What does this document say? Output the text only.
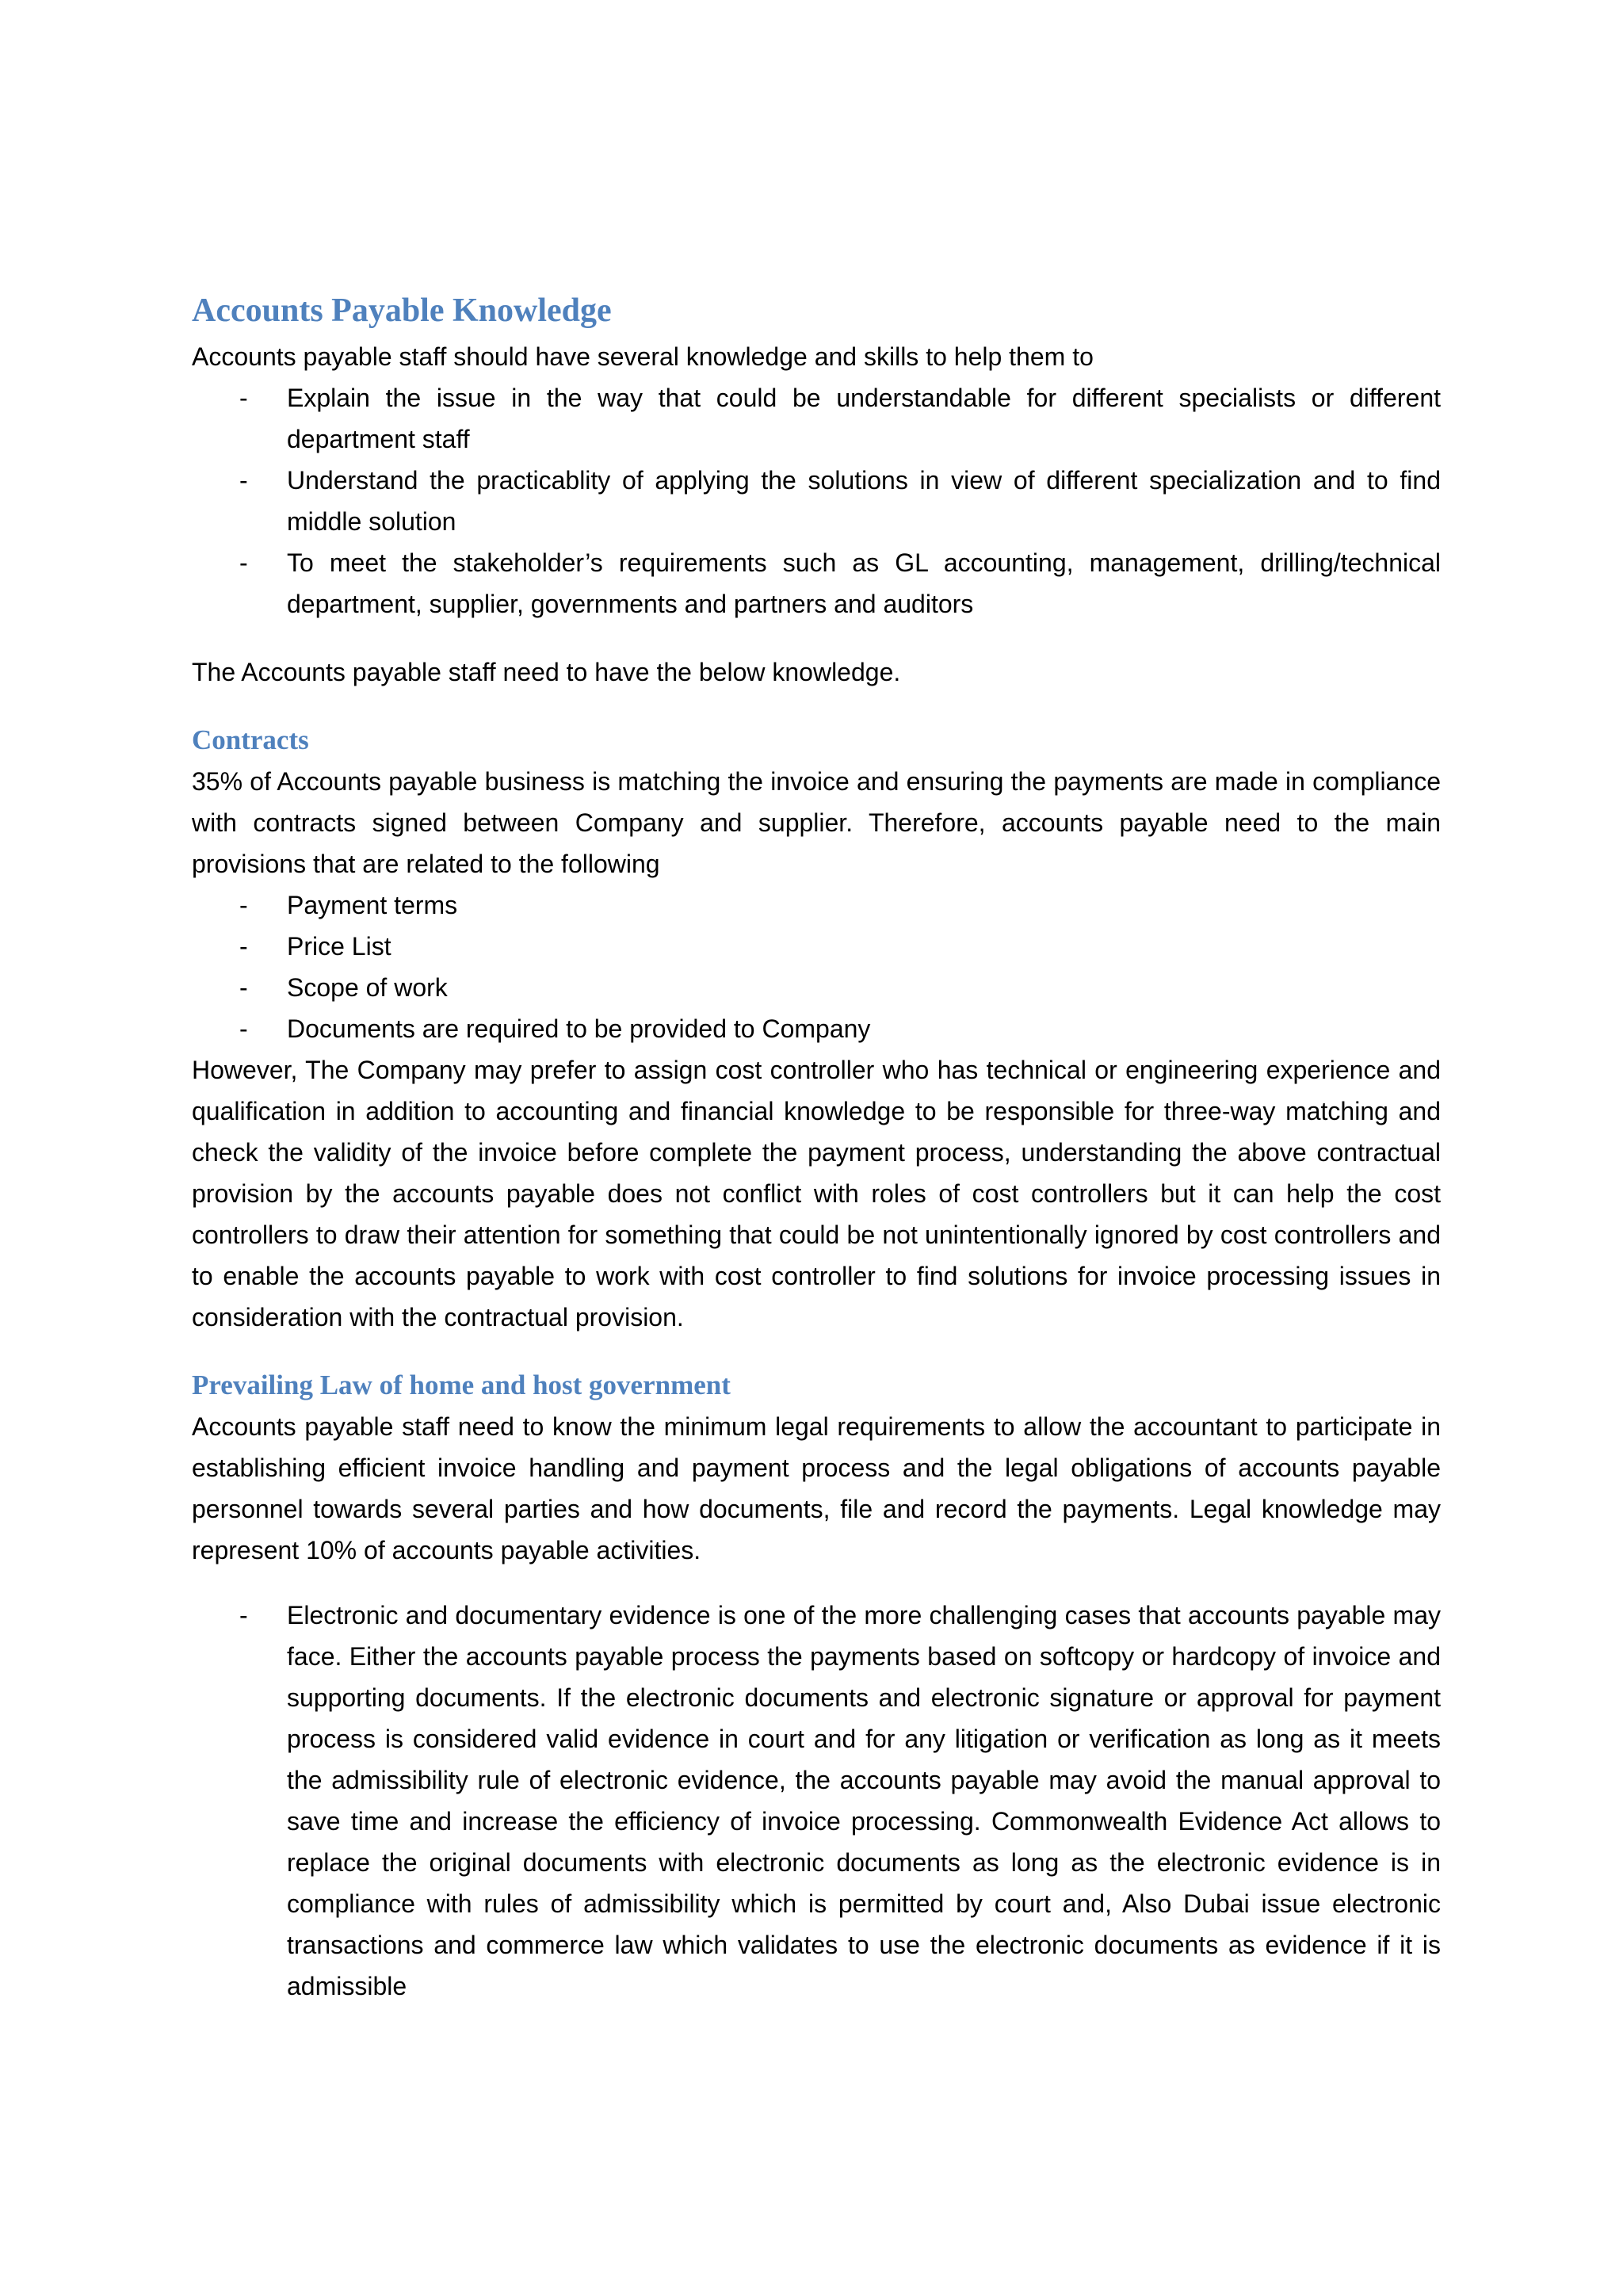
Accounts Payable Knowledge

Accounts payable staff should have several knowledge and skills to help them to

- Explain the issue in the way that could be understandable for different specialists or different department staff
- Understand the practicablity of applying the solutions in view of different specialization and to find middle solution
- To meet the stakeholder’s requirements such as GL accounting, management, drilling/technical department, supplier, governments and partners and auditors

The Accounts payable staff need to have the below knowledge.

Contracts

35% of Accounts payable business is matching the invoice and ensuring the payments are made in compliance with contracts signed between Company and supplier. Therefore, accounts payable need to the main provisions that are related to the following

- Payment terms
- Price List
- Scope of work
- Documents are required to be provided to Company

However, The Company may prefer to assign cost controller who has technical or engineering experience and qualification in addition to accounting and financial knowledge to be responsible for three-way matching and check the validity of the invoice before complete the payment process, understanding the above contractual provision by the accounts payable does not conflict with roles of cost controllers but it can help the cost controllers to draw their attention for something that could be not unintentionally ignored by cost controllers and to enable the accounts payable to work with cost controller to find solutions for invoice processing issues in consideration with the contractual provision.

Prevailing Law of home and host government

Accounts payable staff need to know the minimum legal requirements to allow the accountant to participate in establishing efficient invoice handling and payment process and the legal obligations of accounts payable personnel towards several parties and how documents, file and record the payments. Legal knowledge may represent 10% of accounts payable activities.

- Electronic and documentary evidence is one of the more challenging cases that accounts payable may face. Either the accounts payable process the payments based on softcopy or hardcopy of invoice and supporting documents. If the electronic documents and electronic signature or approval for payment process is considered valid evidence in court and for any litigation or verification as long as it meets the admissibility rule of electronic evidence, the accounts payable may avoid the manual approval to save time and increase the efficiency of invoice processing. Commonwealth Evidence Act allows to replace the original documents with electronic documents as long as the electronic evidence is in compliance with rules of admissibility which is permitted by court and, Also Dubai issue electronic transactions and commerce law which validates to use the electronic documents as evidence if it is admissible
